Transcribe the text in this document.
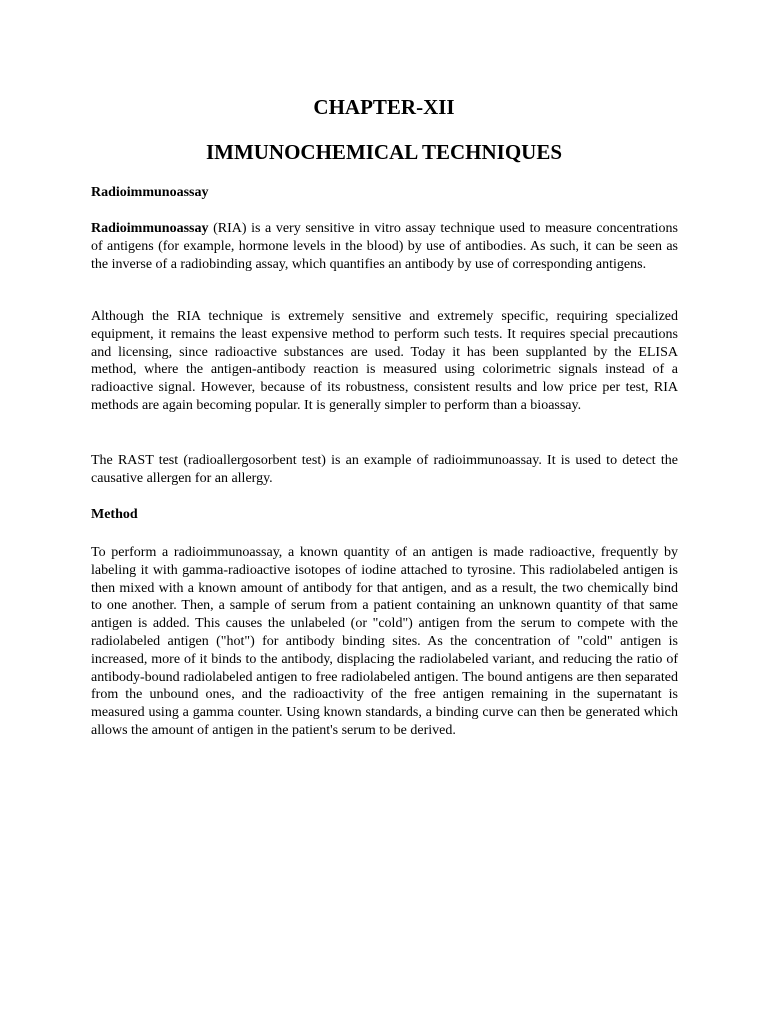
CHAPTER-XII
IMMUNOCHEMICAL TECHNIQUES
Radioimmunoassay

Radioimmunoassay (RIA) is a very sensitive in vitro assay technique used to measure concentrations of antigens (for example, hormone levels in the blood) by use of antibodies. As such, it can be seen as the inverse of a radiobinding assay, which quantifies an antibody by use of corresponding antigens.

Although the RIA technique is extremely sensitive and extremely specific, requiring specialized equipment, it remains the least expensive method to perform such tests. It requires special precautions and licensing, since radioactive substances are used. Today it has been supplanted by the ELISA method, where the antigen-antibody reaction is measured using colorimetric signals instead of a radioactive signal. However, because of its robustness, consistent results and low price per test, RIA methods are again becoming popular. It is generally simpler to perform than a bioassay.

The RAST test (radioallergosorbent test) is an example of radioimmunoassay. It is used to detect the causative allergen for an allergy.

Method

To perform a radioimmunoassay, a known quantity of an antigen is made radioactive, frequently by labeling it with gamma-radioactive isotopes of iodine attached to tyrosine. This radiolabeled antigen is then mixed with a known amount of antibody for that antigen, and as a result, the two chemically bind to one another. Then, a sample of serum from a patient containing an unknown quantity of that same antigen is added. This causes the unlabeled (or "cold") antigen from the serum to compete with the radiolabeled antigen ("hot") for antibody binding sites. As the concentration of "cold" antigen is increased, more of it binds to the antibody, displacing the radiolabeled variant, and reducing the ratio of antibody-bound radiolabeled antigen to free radiolabeled antigen. The bound antigens are then separated from the unbound ones, and the radioactivity of the free antigen remaining in the supernatant is measured using a gamma counter. Using known standards, a binding curve can then be generated which allows the amount of antigen in the patient's serum to be derived.
